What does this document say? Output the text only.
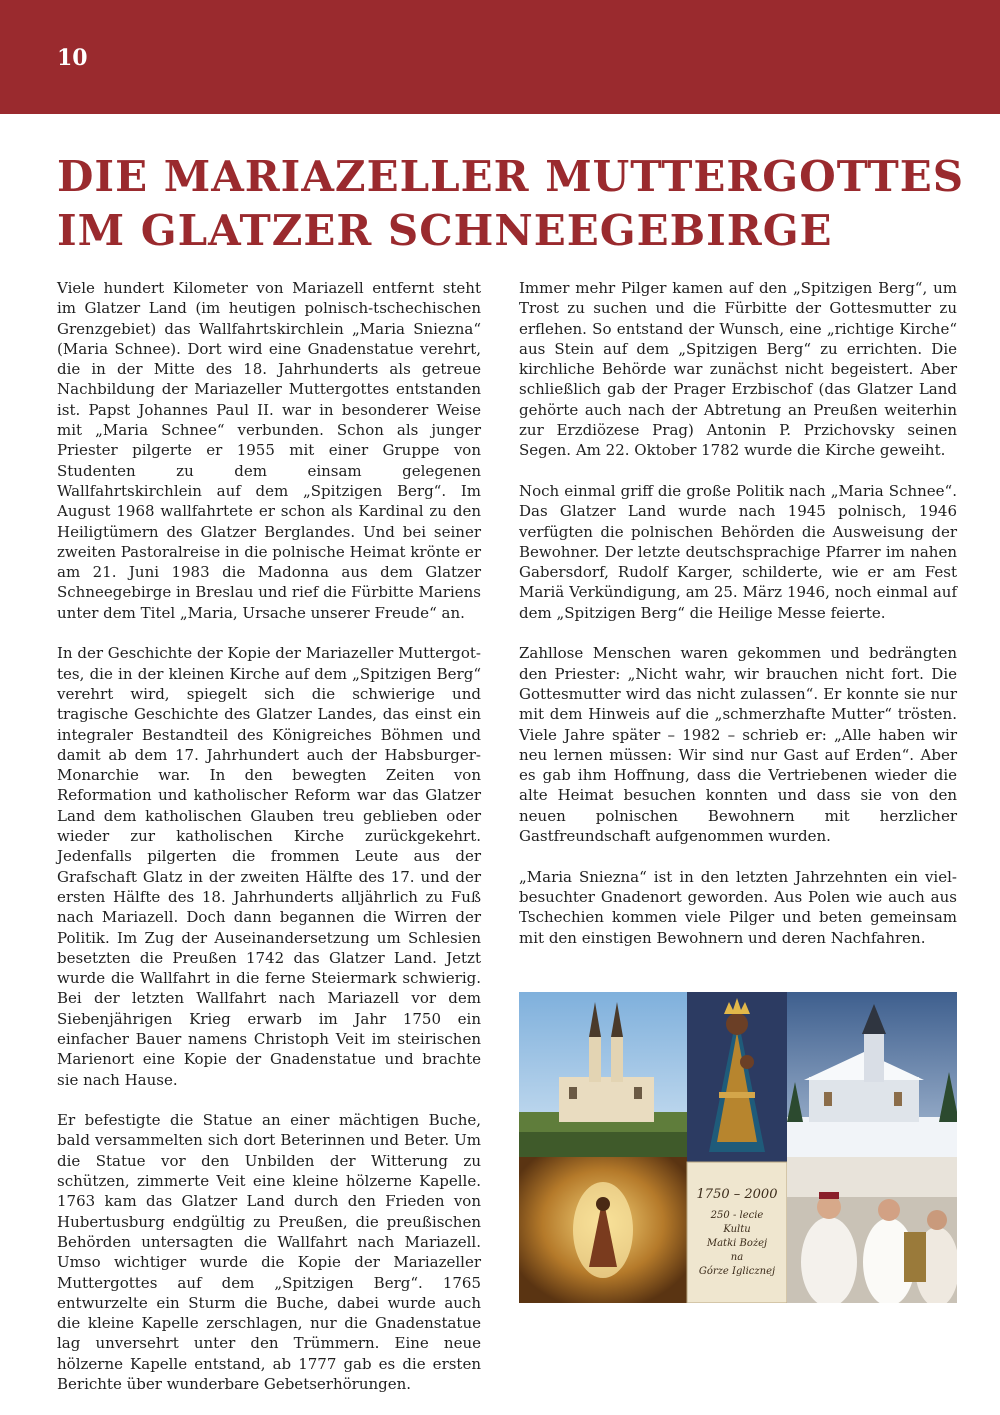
10
DIE MARIAZELLER MUTTERGOTTES
IM GLATZER SCHNEEGEBIRGE

Viele hundert Kilometer von Mariazell entfernt steht im Glatzer Land (im heutigen polnisch-tschechischen Grenzgebiet) das Wallfahrtskirchlein „Maria Sniezna“ (Maria Schnee). Dort wird eine Gnadenstatue verehrt, die in der Mitte des 18. Jahrhunderts als getreue Nachbildung der Mariazeller Muttergottes entstanden ist. Papst Johannes Paul II. war in besonderer Weise mit „Maria Schnee“ verbunden. Schon als junger Priester pilgerte er 1955 mit einer Gruppe von Studenten zu dem einsam gelegenen Wallfahrtskirchlein auf dem „Spitzigen Berg“. Im August 1968 wallfahrtete er schon als Kardinal zu den Heiligtümern des Glatzer Berglandes. Und bei seiner zweiten Pastoralreise in die polnische Heimat krönte er am 21. Juni 1983 die Madonna aus dem Glatzer Schneegebirge in Breslau und rief die Fürbitte Mariens unter dem Titel „Maria, Ursache unserer Freude“ an.

In der Geschichte der Kopie der Mariazeller Muttergottes, die in der kleinen Kirche auf dem „Spitzigen Berg“ verehrt wird, spiegelt sich die schwierige und tragische Geschichte des Glatzer Landes, das einst ein integraler Bestandteil des Königreiches Böhmen und damit ab dem 17. Jahrhundert auch der Habsburger-Monarchie war. In den bewegten Zeiten von Reformation und katholischer Reform war das Glatzer Land dem katholischen Glauben treu geblieben oder wieder zur katholischen Kirche zurückgekehrt. Jedenfalls pilgerten die frommen Leute aus der Grafschaft Glatz in der zweiten Hälfte des 17. und der ersten Hälfte des 18. Jahrhunderts alljährlich zu Fuß nach Mariazell. Doch dann begannen die Wirren der Politik. Im Zug der Auseinandersetzung um Schlesien besetzten die Preußen 1742 das Glatzer Land. Jetzt wurde die Wallfahrt in die ferne Steiermark schwierig. Bei der letzten Wallfahrt nach Mariazell vor dem Siebenjährigen Krieg erwarb im Jahr 1750 ein einfacher Bauer namens Christoph Veit im steirischen Marienort eine Kopie der Gnadenstatue und brachte sie nach Hause.

Er befestigte die Statue an einer mächtigen Buche, bald versammelten sich dort Beterinnen und Beter. Um die Statue vor den Unbilden der Witterung zu schützen, zimmerte Veit eine kleine hölzerne Kapelle. 1763 kam das Glatzer Land durch den Frieden von Hubertusburg endgültig zu Preußen, die preußischen Behörden untersagten die Wallfahrt nach Mariazell. Umso wichtiger wurde die Kopie der Mariazeller Muttergottes auf dem „Spitzigen Berg“. 1765 entwurzelte ein Sturm die Buche, dabei wurde auch die kleine Kapelle zerschlagen, nur die Gnadenstatue lag unversehrt unter den Trümmern. Eine neue hölzerne Kapelle entstand, ab 1777 gab es die ersten Berichte über wunderbare Gebetserhörungen.

Immer mehr Pilger kamen auf den „Spitzigen Berg“, um Trost zu suchen und die Fürbitte der Gottesmutter zu erflehen. So entstand der Wunsch, eine „richtige Kirche“ aus Stein auf dem „Spitzigen Berg“ zu errichten. Die kirchliche Behörde war zunächst nicht begeistert. Aber schließlich gab der Prager Erzbischof (das Glatzer Land gehörte auch nach der Abtretung an Preußen weiterhin zur Erzdiözese Prag) Antonin P. Przichovsky seinen Segen. Am 22. Oktober 1782 wurde die Kirche geweiht.

Noch einmal griff die große Politik nach „Maria Schnee“. Das Glatzer Land wurde nach 1945 polnisch, 1946 verfügten die polnischen Behörden die Ausweisung der Bewohner. Der letzte deutschsprachige Pfarrer im nahen Gabersdorf, Rudolf Karger, schilderte, wie er am Fest Mariä Verkündigung, am 25. März 1946, noch einmal auf dem „Spitzigen Berg“ die Heilige Messe feierte.

Zahllose Menschen waren gekommen und bedrängten den Priester: „Nicht wahr, wir brauchen nicht fort. Die Gottesmutter wird das nicht zulassen“. Er konnte sie nur mit dem Hinweis auf die „schmerzhafte Mutter“ trösten. Viele Jahre später – 1982 – schrieb er: „Alle haben wir neu lernen müssen: Wir sind nur Gast auf Erden“. Aber es gab ihm Hoffnung, dass die Vertriebenen wieder die alte Heimat besuchen konnten und dass sie von den neuen polnischen Bewohnern mit herzlicher Gastfreundschaft aufgenommen wurden.

„Maria Sniezna“ ist in den letzten Jahrzehnten ein vielbesuchter Gnadenort geworden. Aus Polen wie auch aus Tschechien kommen viele Pilger und beten gemeinsam mit den einstigen Bewohnern und deren Nachfahren.

1750 – 2000
250 - lecie
Kultu
Matki Bożej
na
Górze Iglicznej
